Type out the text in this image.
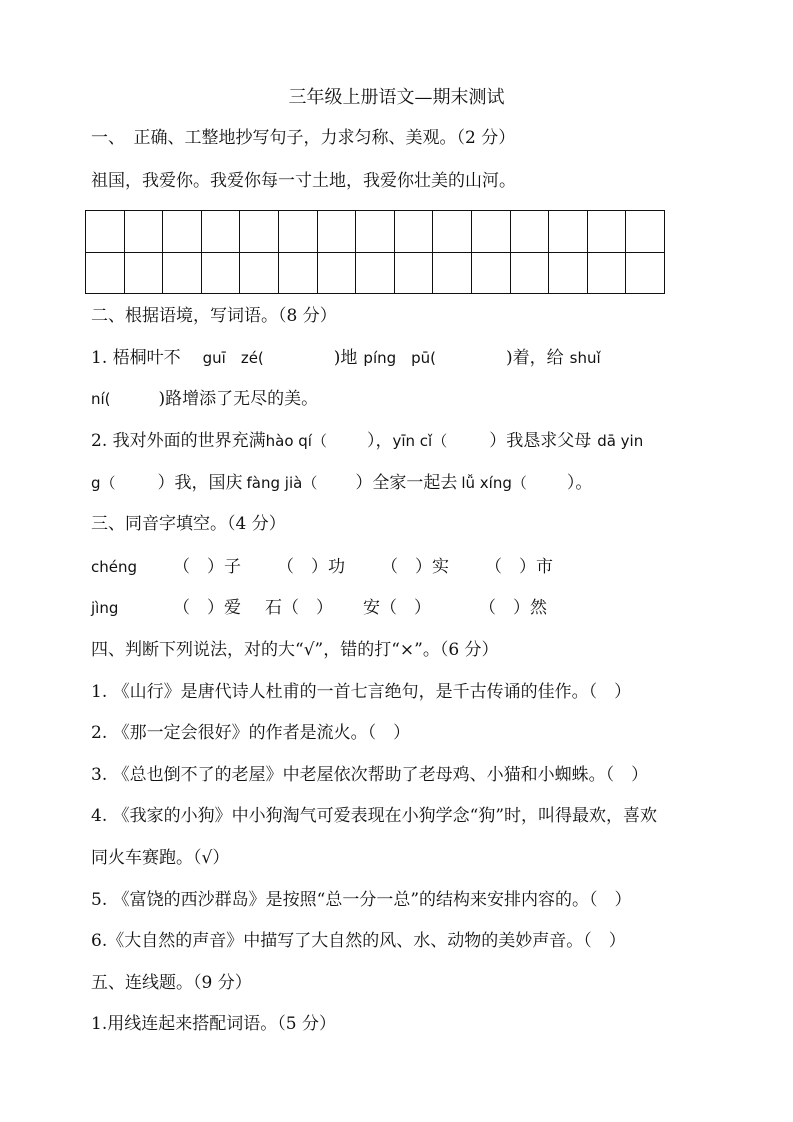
三年级上册语文—期末测试
一、　正确、工整地抄写句子，力求匀称、美观。（2 分）
祖国，我爱你。我爱你每一寸土地，我爱你壮美的山河。

二、根据语境，写词语。（8 分）
1. 梧桐叶不 guī　zé(	)地 píng　pū(	)着，给 shuǐ
ní(	)路增添了无尽的美。
2. 我对外面的世界充满hào qí（ ），yīn cǐ（ ）我恳求父母 dā yin
g（ ）我，国庆 fàng jià（ ）全家一起去 lǚ xíng（ ）。
三、同音字填空。（4 分）
chéng （　）子 （　）功 （　）实 （　）市
jìng	（　）爱 石（　） 安（　）	（　）然
四、判断下列说法，对的大“√”，错的打“×”。（6 分）
1. 《山行》是唐代诗人杜甫的一首七言绝句，是千古传诵的佳作。（　）
2. 《那一定会很好》的作者是流火。（　）
3. 《总也倒不了的老屋》中老屋依次帮助了老母鸡、小猫和小蜘蛛。（　）
4. 《我家的小狗》中小狗淘气可爱表现在小狗学念“狗”时，叫得最欢，喜欢
同火车赛跑。（√）
5. 《富饶的西沙群岛》是按照“总一分一总”的结构来安排内容的。（　）
6.《大自然的声音》中描写了大自然的风、水、动物的美妙声音。（　）
五、连线题。（9 分）
1.用线连起来搭配词语。（5 分）
